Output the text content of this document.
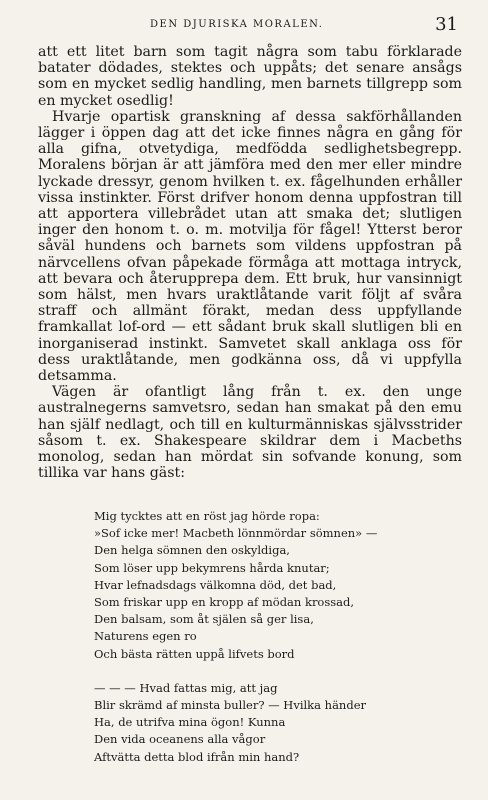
DEN DJURISKA MORALEN.	31

att ett litet barn som tagit några som tabu förklarade batater dödades, stektes och uppåts; det senare ansågs som en mycket sedlig handling, men barnets tillgrepp som en mycket osedlig!

Hvarje opartisk granskning af dessa sakförhållanden lägger i öppen dag att det icke finnes några en gång för alla gifna, otvetydiga, medfödda sedlighetsbegrepp. Moralens början är att jämföra med den mer eller mindre lyckade dressyr, genom hvilken t. ex. fågelhunden erhåller vissa instinkter. Först drifver honom denna uppfostran till att apportera villebrådet utan att smaka det; slutligen inger den honom t. o. m. motvilja för fågel! Ytterst beror såväl hundens och barnets som vildens uppfostran på närvcellens ofvan påpekade förmåga att mottaga intryck, att bevara och återupprepa dem. Ett bruk, hur vansinnigt som hälst, men hvars uraktlåtande varit följt af svåra straff och allmänt förakt, medan dess uppfyllande framkallat lof-ord — ett sådant bruk skall slutligen bli en inorganiserad instinkt. Samvetet skall anklaga oss för dess uraktlåtande, men godkänna oss, då vi uppfylla detsamma.

Vägen är ofantligt lång från t. ex. den unge australnegerns samvetsro, sedan han smakat på den emu han själf nedlagt, och till en kulturmänniskas självsstrider såsom t. ex. Shakespeare skildrar dem i Macbeths monolog, sedan han mördat sin sofvande konung, som tillika var hans gäst:

Mig tycktes att en röst jag hörde ropa:
»Sof icke mer! Macbeth lönnmördar sömnen» —
Den helga sömnen den oskyldiga,
Som löser upp bekymrens hårda knutar;
Hvar lefnadsdags välkomna död, det bad,
Som friskar upp en kropp af mödan krossad,
Den balsam, som åt själen så ger lisa,
Naturens egen ro
Och bästa rätten uppå lifvets bord
— — — Hvad fattas mig, att jag
Blir skrämd af minsta buller? — Hvilka händer
Ha, de utrifva mina ögon! Kunna
Den vida oceanens alla vågor
Aftvätta detta blod ifrån min hand?
